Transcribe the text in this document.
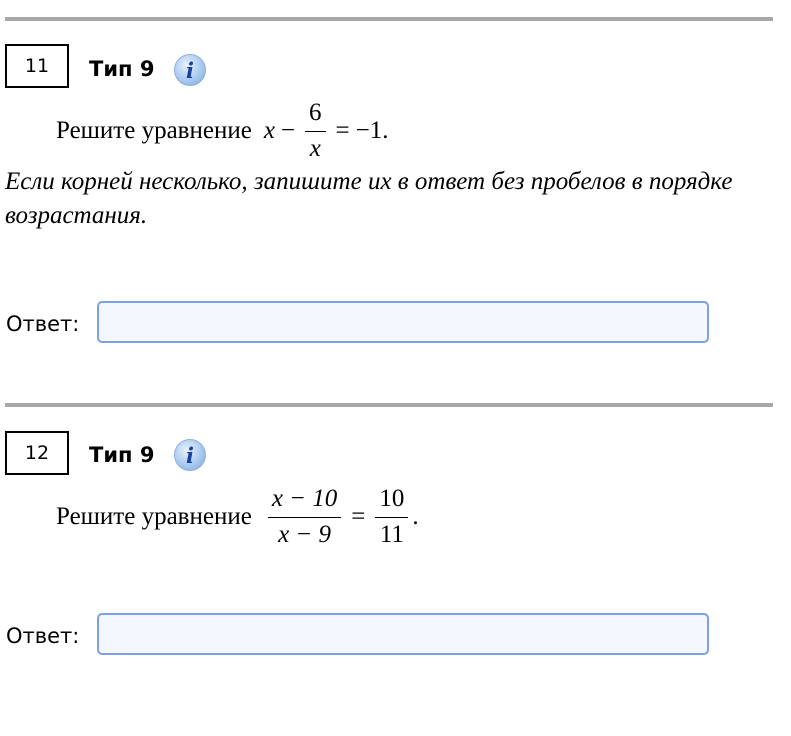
11 Тип 9 i
Решите уравнение $x - \frac{6}{x} = -1$ .
Если корней несколько, запишите их в ответ без пробелов в порядке возрастания.
Ответ:
12 Тип 9 i
Решите уравнение $\frac{x - 10}{x - 9} = \frac{10}{11}$ .
Ответ:
